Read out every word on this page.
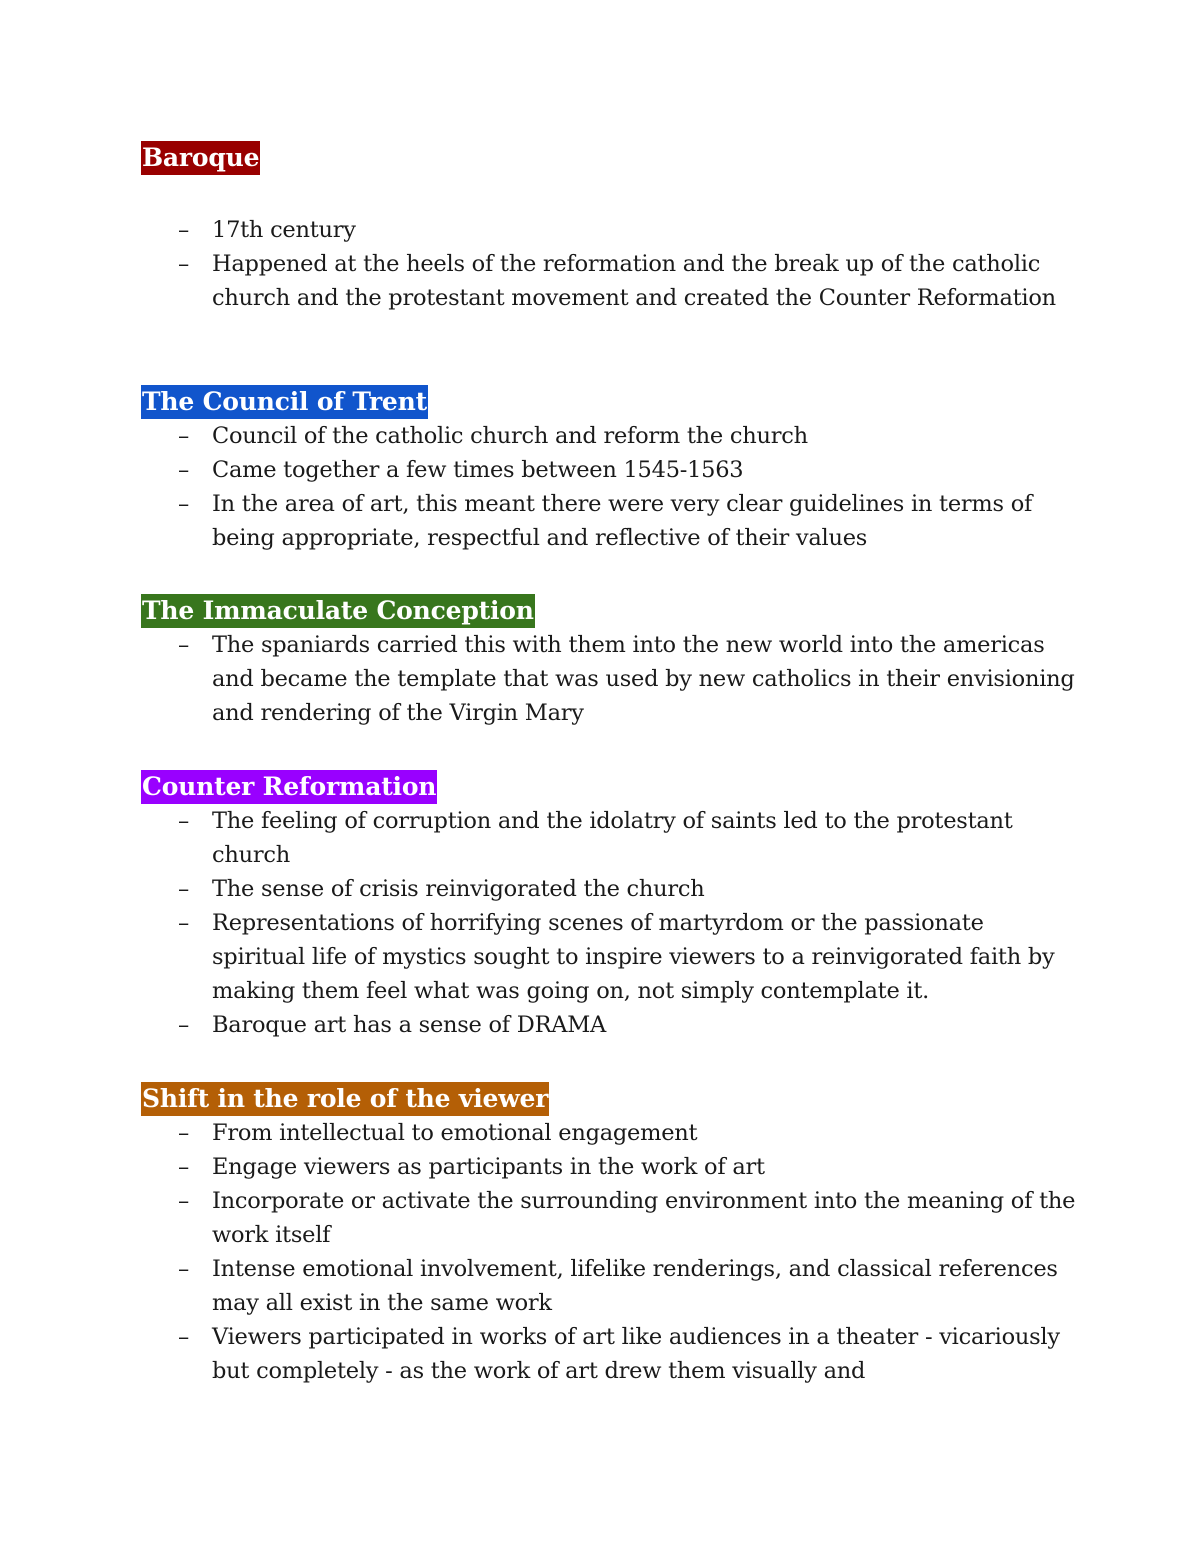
Baroque
– 17th century
– Happened at the heels of the reformation and the break up of the catholic church and the protestant movement and created the Counter Reformation
The Council of Trent
– Council of the catholic church and reform the church
– Came together a few times between 1545-1563
– In the area of art, this meant there were very clear guidelines in terms of being appropriate, respectful and reflective of their values
The Immaculate Conception
– The spaniards carried this with them into the new world into the americas and became the template that was used by new catholics in their envisioning and rendering of the Virgin Mary
Counter Reformation
– The feeling of corruption and the idolatry of saints led to the protestant church
– The sense of crisis reinvigorated the church
– Representations of horrifying scenes of martyrdom or the passionate spiritual life of mystics sought to inspire viewers to a reinvigorated faith by making them feel what was going on, not simply contemplate it.
– Baroque art has a sense of DRAMA
Shift in the role of the viewer
– From intellectual to emotional engagement
– Engage viewers as participants in the work of art
– Incorporate or activate the surrounding environment into the meaning of the work itself
– Intense emotional involvement, lifelike renderings, and classical references may all exist in the same work
– Viewers participated in works of art like audiences in a theater - vicariously but completely - as the work of art drew them visually and
